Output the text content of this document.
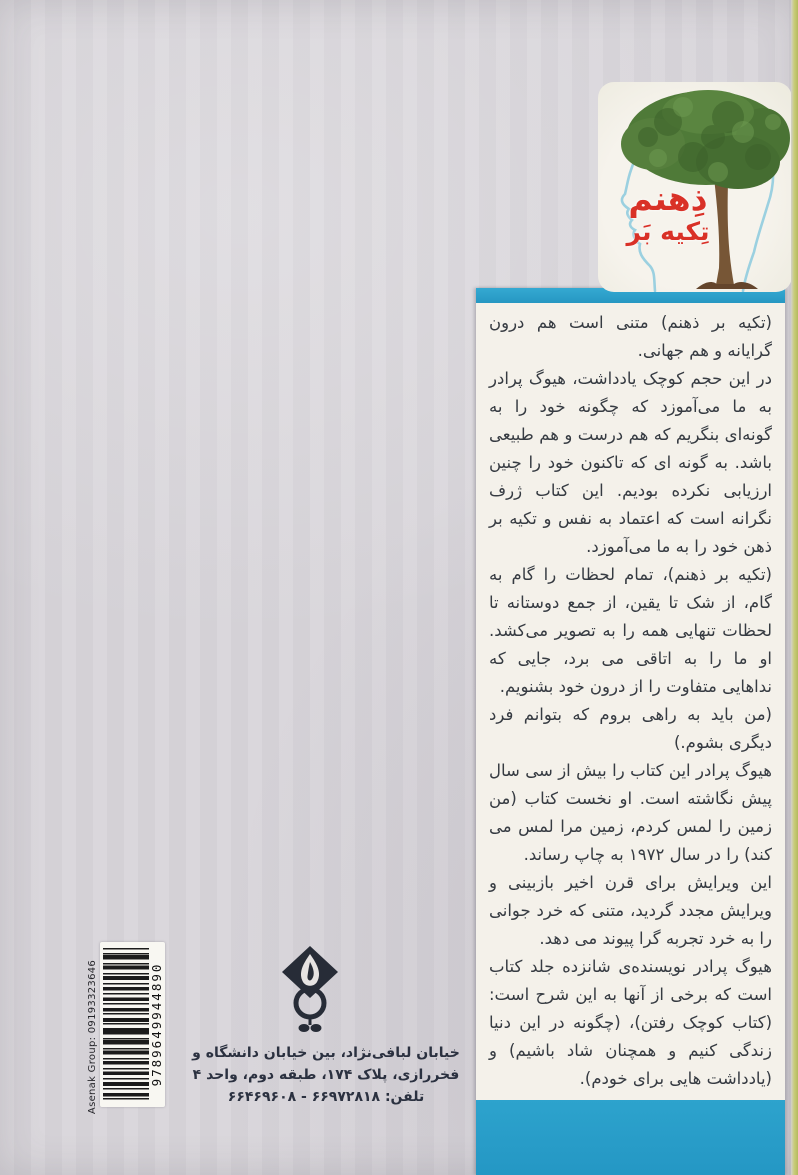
ذِهنم
تِکیه بَر

(تکیه بر ذهنم) متنی است هم درون گرایانه و هم جهانی.

در این حجم کوچک یادداشت، هیوگ پرادر به ما می‌آموزد که چگونه خود را به گونه‌ای بنگریم که هم درست و هم طبیعی باشد. به گونه ای که تاکنون خود را چنین ارزیابی نکرده بودیم. این کتاب ژرف نگرانه است که اعتماد به نفس و تکیه بر ذهن خود را به ما می‌آموزد.

(تکیه بر ذهنم)، تمام لحظات را گام به گام، از شک تا یقین، از جمع دوستانه تا لحظات تنهایی همه را به تصویر می‌کشد. او ما را به اتاقی می برد، جایی که نداهایی متفاوت را از درون خود بشنویم.

(من باید به راهی بروم که بتوانم فرد دیگری بشوم.)

هیوگ پرادر این کتاب را بیش از سی سال پیش نگاشته است. او نخست کتاب (من زمین را لمس کردم، زمین مرا لمس می کند) را در سال ۱۹۷۲ به چاپ رساند.

این ویرایش برای قرن اخیر بازبینی و ویرایش مجدد گردید، متنی که خرد جوانی را به خرد تجربه گرا پیوند می دهد.

هیوگ پرادر نویسنده‌ی شانزده جلد کتاب است که برخی از آنها به این شرح است: (کتاب کوچک رفتن)، (چگونه در این دنیا زندگی کنیم و همچنان شاد باشیم) و (یادداشت هایی برای خودم).

9789649944890
Asenak Group: 09193323646	خیابان لبافی‌نژاد، بین خیابان دانشگاه و
فخررازی، پلاک ۱۷۴، طبقه دوم، واحد ۴
تلفن: ۶۶۹۷۲۸۱۸ - ۶۶۴۶۹۶۰۸
